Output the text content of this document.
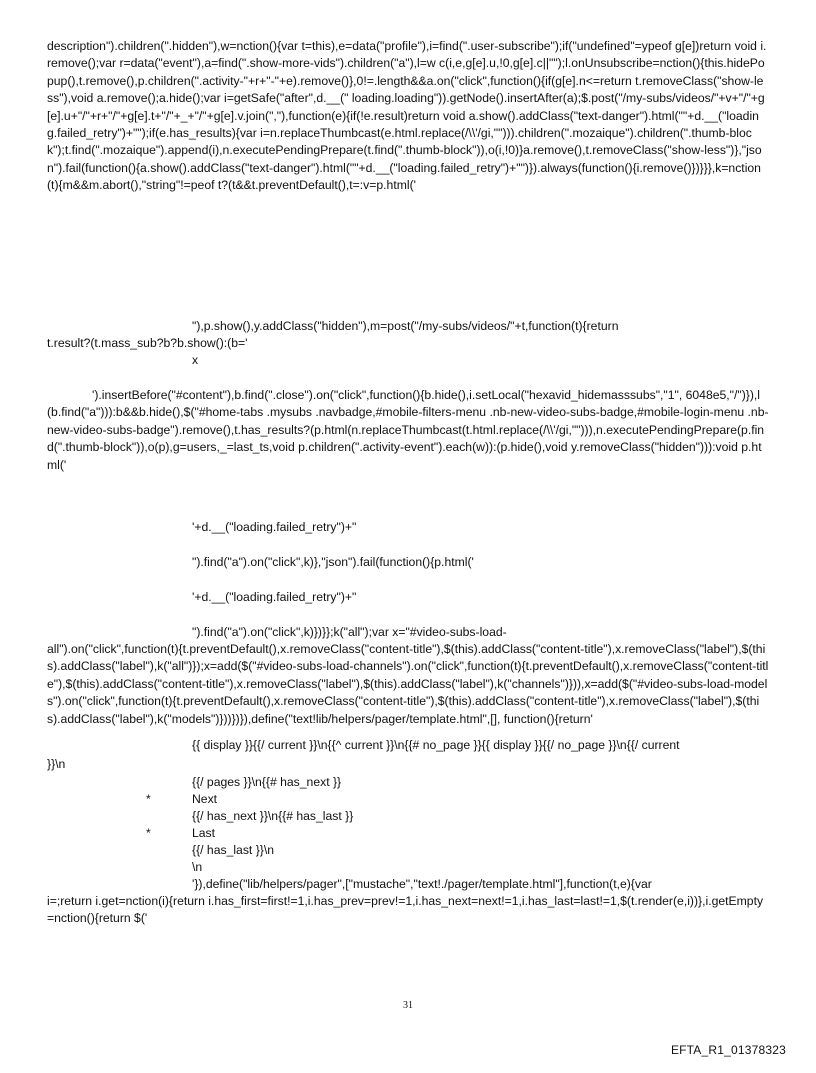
description").children(".hidden"),w=nction(){var t=this),e=data("profile"),i=find(".user-subscribe");if("undefined"=ypeof g[e])return void i.remove();var r=data("event"),a=find(".show-more-vids").children("a"),l=w c(i,e,g[e].u,!0,g[e].c||"");l.onUnsubscribe=nction(){this.hidePopup(),t.remove(),p.children(".activity-"+r+"-"+e).remove()},0!=.length&&a.on("click",function(){if(g[e].n<=return t.removeClass("show-less"),void a.remove();a.hide();var i=getSafe("after",d.__(" loading.loading")).getNode().insertAfter(a);$.post("/my-subs/videos/"+v+"/"+g[e].u+"/"+r+"/"+g[e].t+"/"+_+"/"+g[e].v.join(","),function(e){if(!e.result)return void a.show().addClass("text-danger").html(""+d.__("loading.failed_retry")+"");if(e.has_results){var i=n.replaceThumbcast(e.html.replace(/\\'/gi,""))).children(".mozaique").children(".thumb-block");t.find(".mozaique").append(i),n.executePendingPrepare(t.find(".thumb-block")),o(i,!0)}a.remove(),t.removeClass("show-less")},"json").fail(function(){a.show().addClass("text-danger").html(""+d.__("loading.failed_retry")+"")}).always(function(){i.remove()})}}},k=nction(t){m&&m.abort(),"string"!=peof t?(t&&t.preventDefault(),t=:v=p.html('

"),p.show(),y.addClass("hidden"),m=post("/my-subs/videos/"+t,function(t){return

t.result?(t.mass_sub?b?b.show():(b='

x

').insertBefore("#content"),b.find(".close").on("click",function(){b.hide(),i.setLocal("hexavid_hidemasssubs","1", 6048e5,"/")}),l(b.find("a"))):b&&b.hide(),$("#home-tabs .mysubs .navbadge,#mobile-filters-menu .nb-new-video-subs-badge,#mobile-login-menu .nb-new-video-subs-badge").remove(),t.has_results?(p.html(n.replaceThumbcast(t.html.replace(/\\'/gi,""))),n.executePendingPrepare(p.find(".thumb-block")),o(p),g=users,_=last_ts,void p.children(".activity-event").each(w)):(p.hide(),void y.removeClass("hidden"))):void p.html('

'+d.__("loading.failed_retry")+"

").find("a").on("click",k)},"json").fail(function(){p.html('

'+d.__("loading.failed_retry")+"

").find("a").on("click",k)})}};k("all");var x="#video-subs-load-

all").on("click",function(t){t.preventDefault(),x.removeClass("content-title"),$(this).addClass("content-title"),x.removeClass("label"),$(this).addClass("label"),k("all")});x=add($("#video-subs-load-channels").on("click",function(t){t.preventDefault(),x.removeClass("content-title"),$(this).addClass("content-title"),x.removeClass("label"),$(this).addClass("label"),k("channels")})),x=add($("#video-subs-load-models").on("click",function(t){t.preventDefault(),x.removeClass("content-title"),$(this).addClass("content-title"),x.removeClass("label"),$(this).addClass("label"),k("models")}))})}),define("text!lib/helpers/pager/template.html",[], function(){return'

{{ display }}{{/ current }}\n{{^ current }}\n{{# no_page }}{{ display }}{{/ no_page }}\n{{/ current

}}\n

{{/ pages }}\n{{# has_next }}

*	Next

{{/ has_next }}\n{{# has_last }}

*	Last

{{/ has_last }}\n

\n

'}),define("lib/helpers/pager",["mustache","text!./pager/template.html"],function(t,e){var

i=;return i.get=nction(i){return i.has_first=first!=1,i.has_prev=prev!=1,i.has_next=next!=1,i.has_last=last!=1,$(t.render(e,i))},i.getEmpty=nction(){return $('

31
EFTA_R1_01378323
